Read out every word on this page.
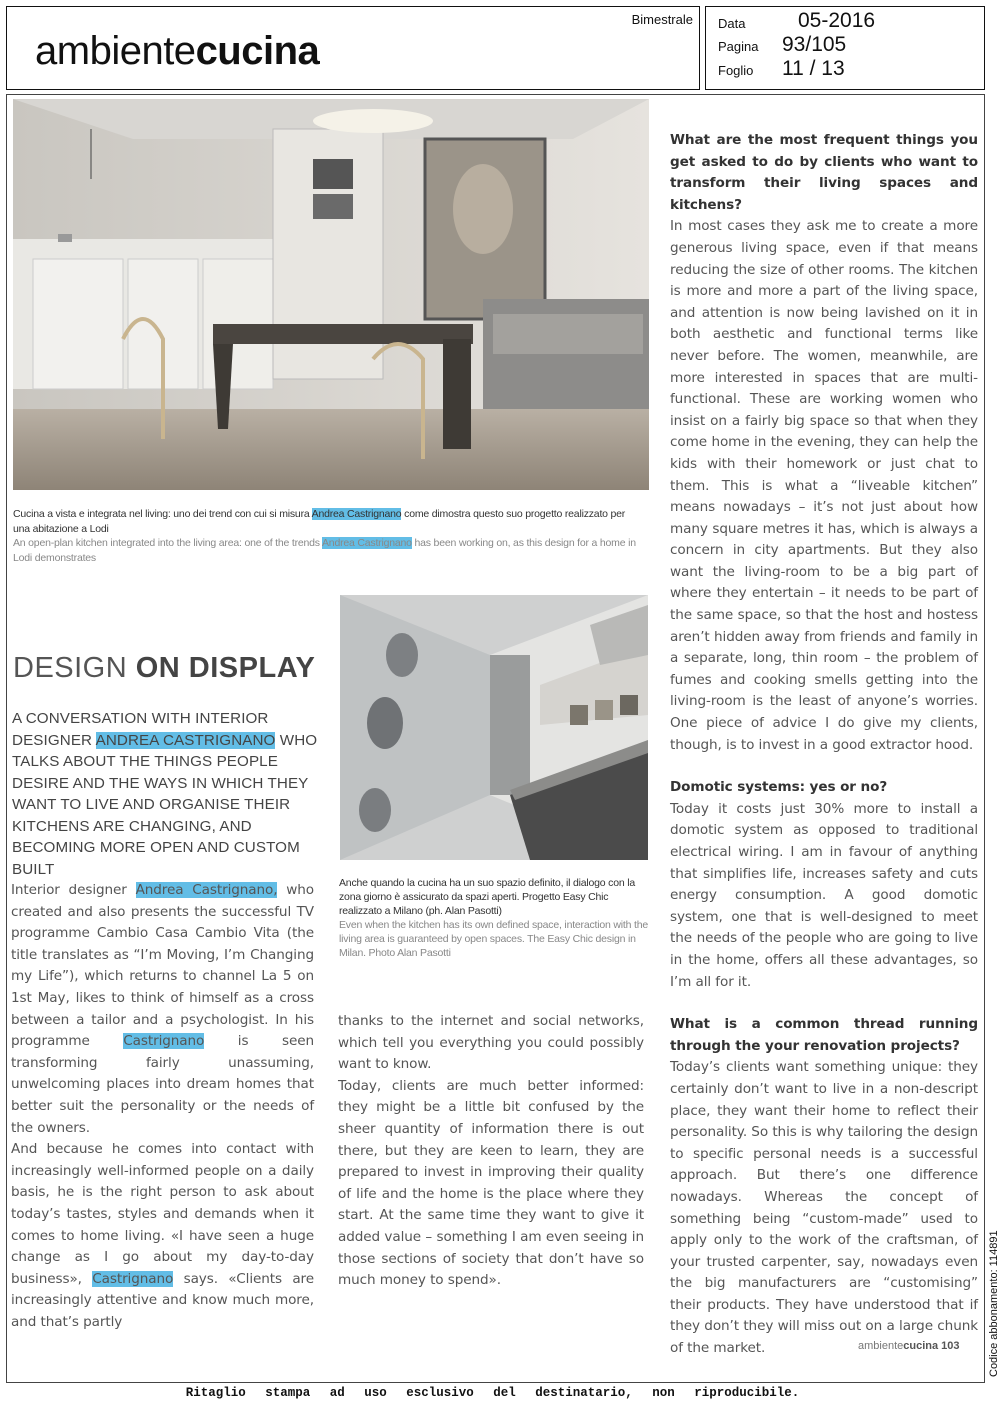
ambientecucina
Bimestrale Data	05-2016
Pagina 93/105
Foglio 11 / 13
Cucina a vista e integrata nel living: uno dei trend con cui si misura Andrea Castrignano come dimostra questo suo progetto realizzato per una abitazione a Lodi
An open-plan kitchen integrated into the living area: one of the trends Andrea Castrignano has been working on, as this design for a home in Lodi demonstrates
Anche quando la cucina ha un suo spazio definito, il dialogo con la zona giorno è assicurato da spazi aperti. Progetto Easy Chic realizzato a Milano (ph. Alan Pasotti)
Even when the kitchen has its own defined space, interaction with the living area is guaranteed by open spaces. The Easy Chic design in Milan. Photo Alan Pasotti
DESIGN ON DISPLAY
A CONVERSATION WITH INTERIOR DESIGNER ANDREA CASTRIGNANO WHO TALKS ABOUT THE THINGS PEOPLE DESIRE AND THE WAYS IN WHICH THEY WANT TO LIVE AND ORGANISE THEIR KITCHENS ARE CHANGING, AND BECOMING MORE OPEN AND CUSTOM BUILT

Interior designer Andrea Castrignano, who created and also presents the successful TV programme Cambio Casa Cambio Vita (the title translates as “I’m Moving, I’m Changing my Life”), which returns to channel La 5 on 1st May, likes to think of himself as a cross between a tailor and a psychologist. In his programme Castrignano is seen transforming fairly unassuming, unwelcoming places into dream homes that better suit the personality or the needs of the owners.

And because he comes into contact with increasingly well-informed people on a daily basis, he is the right person to ask about today’s tastes, styles and demands when it comes to home living. «I have seen a huge change as I go about my day-to-day business», Castrignano says. «Clients are increasingly attentive and know much more, and that’s partly

thanks to the internet and social networks, which tell you everything you could possibly want to know.

Today, clients are much better informed: they might be a little bit confused by the sheer quantity of information there is out there, but they are keen to learn, they are prepared to invest in improving their quality of life and the home is the place where they start. At the same time they want to give it added value – something I am even seeing in those sections of society that don’t have so much money to spend».

What are the most frequent things you get asked to do by clients who want to transform their living spaces and kitchens?

In most cases they ask me to create a more generous living space, even if that means reducing the size of other rooms. The kitchen is more and more a part of the living space, and attention is now being lavished on it in both aesthetic and functional terms like never before. The women, meanwhile, are more interested in spaces that are multi-functional. These are working women who insist on a fairly big space so that when they come home in the evening, they can help the kids with their homework or just chat to them. This is what a “liveable kitchen” means nowadays – it’s not just about how many square metres it has, which is always a concern in city apartments. But they also want the living-room to be a big part of where they entertain – it needs to be part of the same space, so that the host and hostess aren’t hidden away from friends and family in a separate, long, thin room – the problem of fumes and cooking smells getting into the living-room is the least of anyone’s worries. One piece of advice I do give my clients, though, is to invest in a good extractor hood.

Domotic systems: yes or no?

Today it costs just 30% more to install a domotic system as opposed to traditional electrical wiring. I am in favour of anything that simplifies life, increases safety and cuts energy consumption. A good domotic system, one that is well-designed to meet the needs of the people who are going to live in the home, offers all these advantages, so I’m all for it.

What is a common thread running through the your renovation projects?

Today’s clients want something unique: they certainly don’t want to live in a non-descript place, they want their home to reflect their personality. So this is why tailoring the design to specific personal needs is a successful approach. But there’s one difference nowadays. Whereas the concept of something being “custom-made” used to apply only to the work of the craftsman, of your trusted carpenter, say, nowadays even the big manufacturers are “customising” their products. They have understood that if they don’t they will miss out on a large chunk of the market.	ambientecucina 103	Codice abbonamento: 114891
Ritaglio stampa ad uso esclusivo del destinatario, non riproducibile.
